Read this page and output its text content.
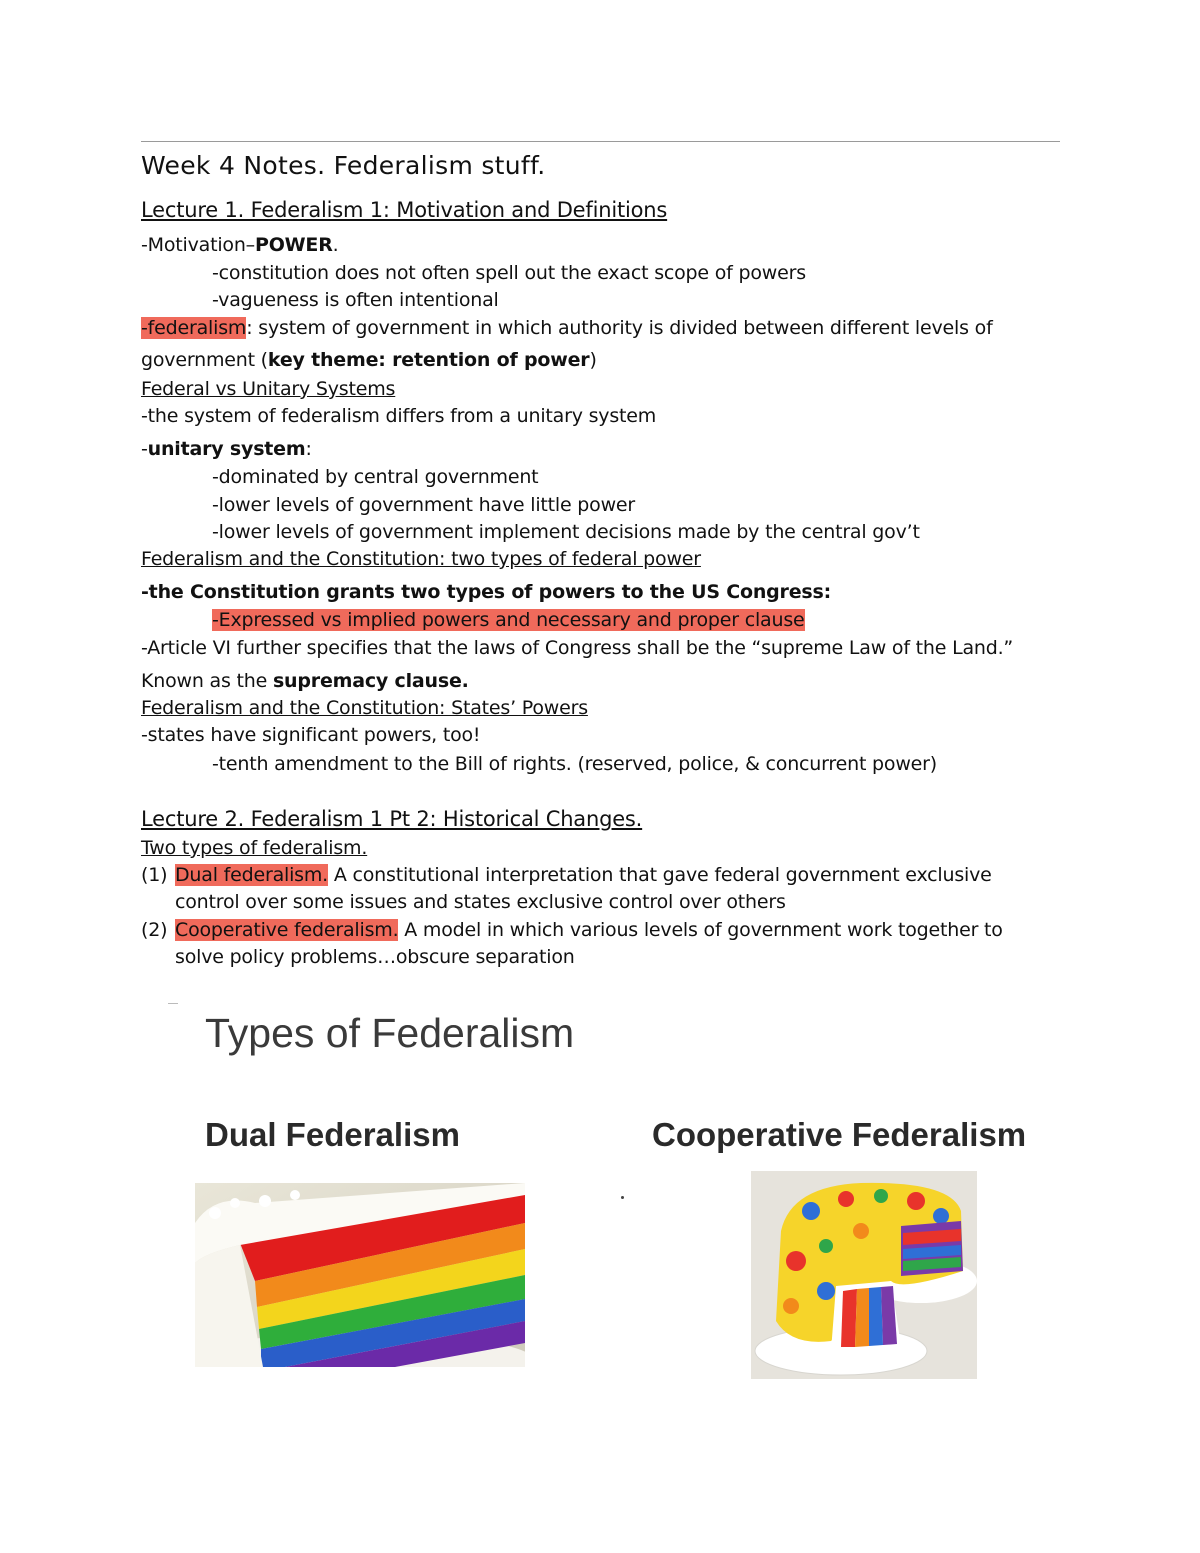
Week 4 Notes. Federalism stuff.
Lecture 1. Federalism 1: Motivation and Definitions
-Motivation–POWER.
-constitution does not often spell out the exact scope of powers
-vagueness is often intentional
-federalism: system of government in which authority is divided between different levels of
government (key theme: retention of power)
Federal vs Unitary Systems
-the system of federalism differs from a unitary system
-unitary system:
-dominated by central government
-lower levels of government have little power
-lower levels of government implement decisions made by the central gov’t
Federalism and the Constitution: two types of federal power
-the Constitution grants two types of powers to the US Congress:
-Expressed vs implied powers and necessary and proper clause
-Article VI further specifies that the laws of Congress shall be the “supreme Law of the Land.”
Known as the supremacy clause.
Federalism and the Constitution: States’ Powers
-states have significant powers, too!
-tenth amendment to the Bill of rights. (reserved, police, & concurrent power)
Lecture 2. Federalism 1 Pt 2: Historical Changes.
Two types of federalism.
(1) Dual federalism. A constitutional interpretation that gave federal government exclusive
control over some issues and states exclusive control over others
(2) Cooperative federalism. A model in which various levels of government work together to
solve policy problems…obscure separation
Types of Federalism
Dual Federalism	Cooperative Federalism
